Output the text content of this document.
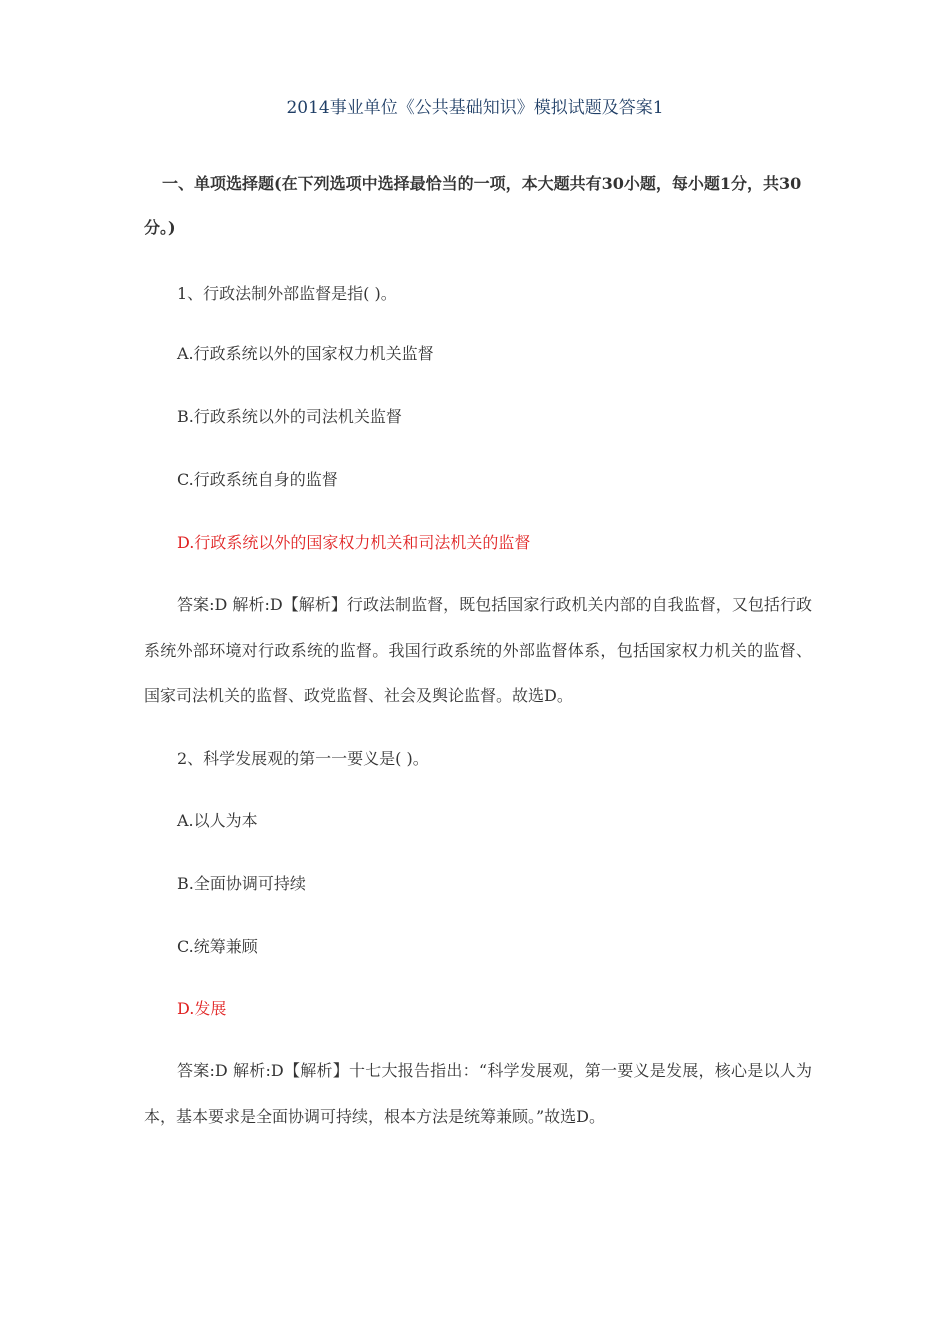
2014事业单位《公共基础知识》模拟试题及答案1
一、单项选择题(在下列选项中选择最恰当的一项，本大题共有30小题，每小题1分，共30分。)
1、行政法制外部监督是指( )。
A.行政系统以外的国家权力机关监督
B.行政系统以外的司法机关监督
C.行政系统自身的监督
D.行政系统以外的国家权力机关和司法机关的监督
答案:D 解析:D【解析】行政法制监督，既包括国家行政机关内部的自我监督，又包括行政系统外部环境对行政系统的监督。我国行政系统的外部监督体系，包括国家权力机关的监督、国家司法机关的监督、政党监督、社会及舆论监督。故选D。
2、科学发展观的第一一要义是( )。
A.以人为本
B.全面协调可持续
C.统筹兼顾
D.发展
答案:D 解析:D【解析】十七大报告指出：“科学发展观，第一要义是发展，核心是以人为本，基本要求是全面协调可持续，根本方法是统筹兼顾。”故选D。
